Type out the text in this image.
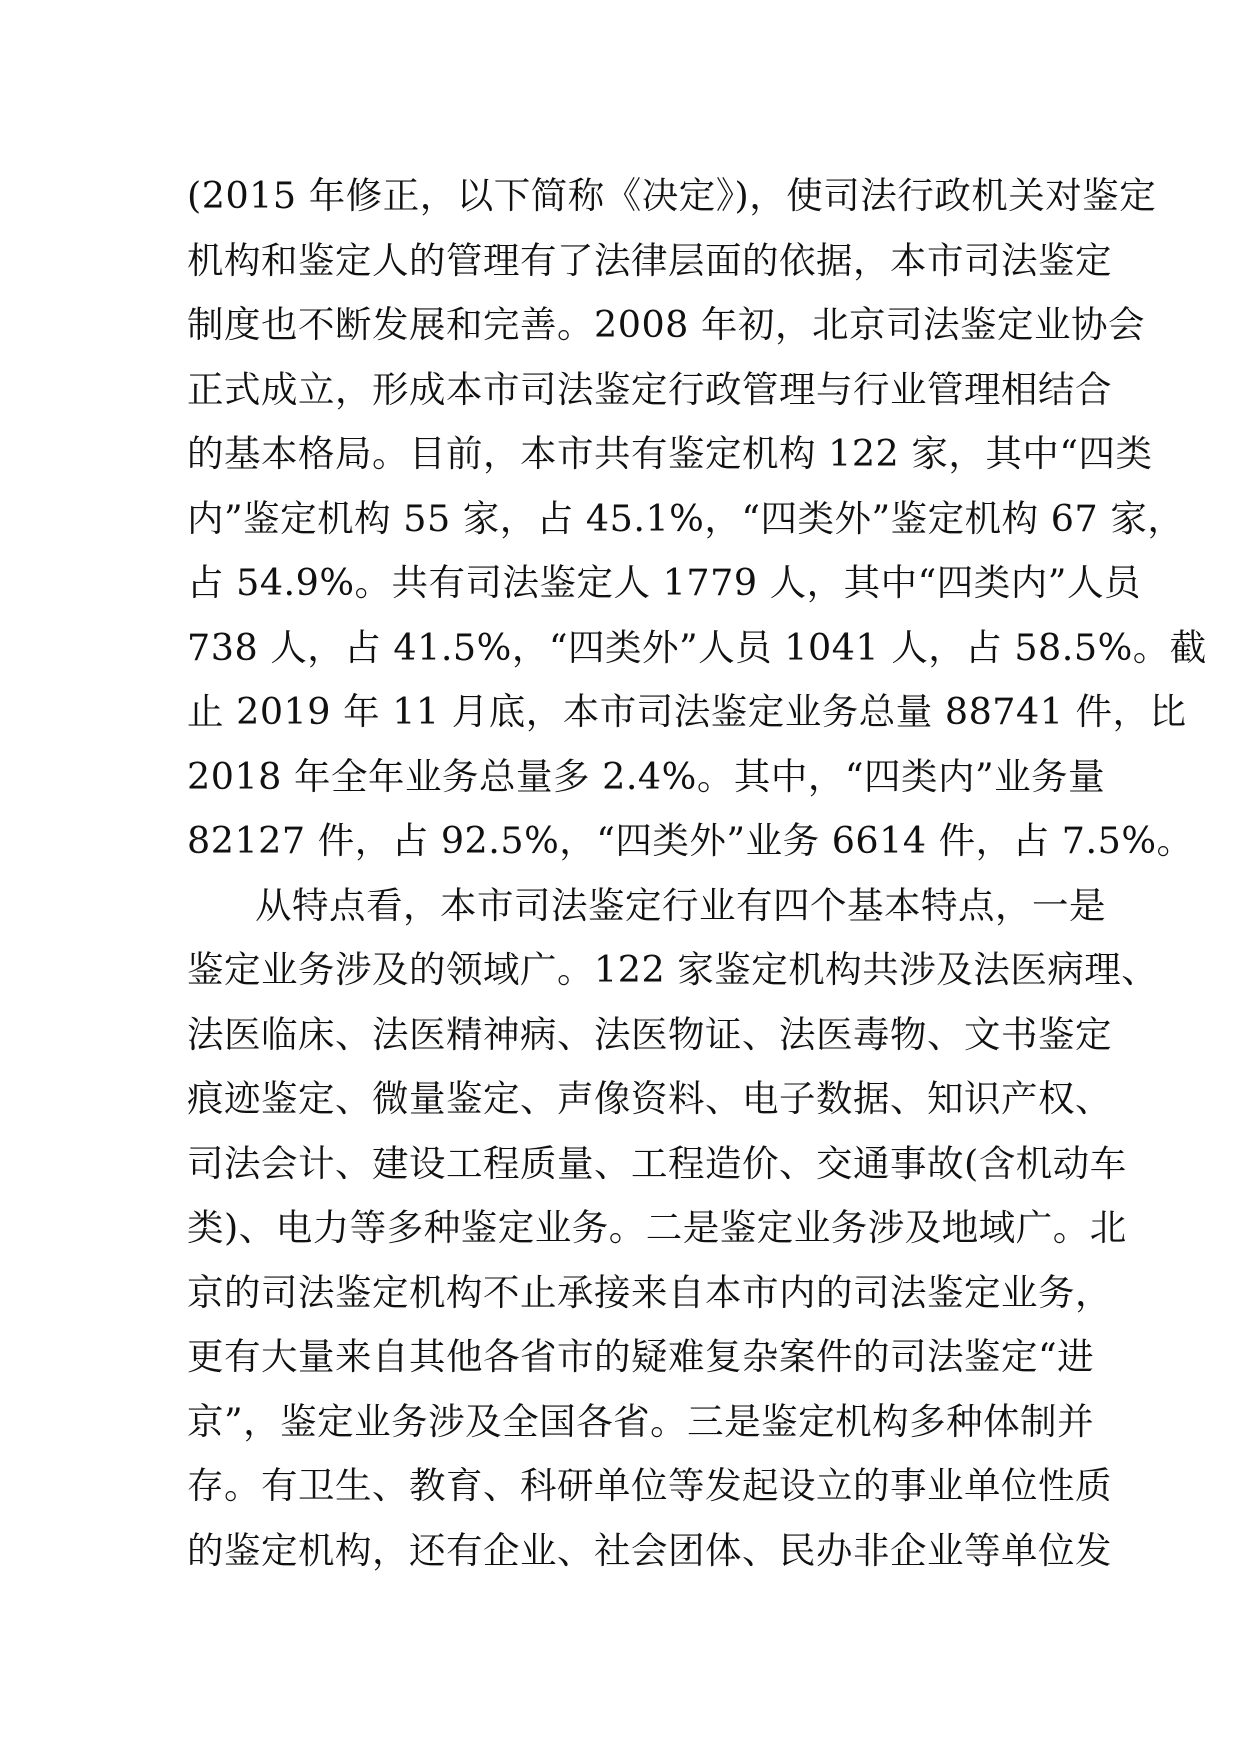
(2015 年修正，以下简称《决定》)，使司法行政机关对鉴定
机构和鉴定人的管理有了法律层面的依据，本市司法鉴定
制度也不断发展和完善。2008 年初，北京司法鉴定业协会
正式成立，形成本市司法鉴定行政管理与行业管理相结合
的基本格局。目前，本市共有鉴定机构 122 家，其中“四类
内”鉴定机构 55 家，占 45.1%，“四类外”鉴定机构 67 家，
占 54.9%。共有司法鉴定人 1779 人，其中“四类内”人员
738 人，占 41.5%，“四类外”人员 1041 人，占 58.5%。截
止 2019 年 11 月底，本市司法鉴定业务总量 88741 件，比
2018 年全年业务总量多 2.4%。其中，“四类内”业务量
82127 件，占 92.5%，“四类外”业务 6614 件，占 7.5%。
从特点看，本市司法鉴定行业有四个基本特点，一是
鉴定业务涉及的领域广。122 家鉴定机构共涉及法医病理、
法医临床、法医精神病、法医物证、法医毒物、文书鉴定
痕迹鉴定、微量鉴定、声像资料、电子数据、知识产权、
司法会计、建设工程质量、工程造价、交通事故(含机动车
类)、电力等多种鉴定业务。二是鉴定业务涉及地域广。北
京的司法鉴定机构不止承接来自本市内的司法鉴定业务，
更有大量来自其他各省市的疑难复杂案件的司法鉴定“进
京”，鉴定业务涉及全国各省。三是鉴定机构多种体制并
存。有卫生、教育、科研单位等发起设立的事业单位性质
的鉴定机构，还有企业、社会团体、民办非企业等单位发
